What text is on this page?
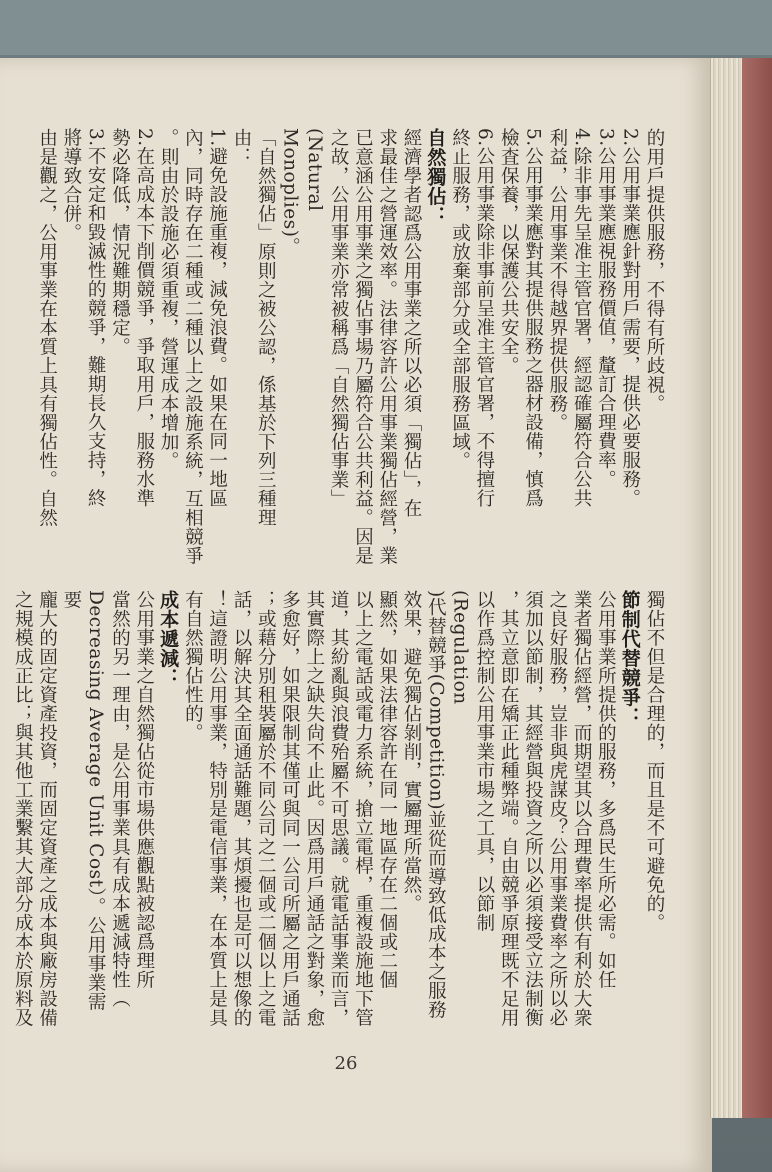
的用戶提供服務，不得有所歧視。

2.公用事業應針對用戶需要，提供必要服務。

3.公用事業應視服務價值，釐訂合理費率。

4.除非事先呈准主管官署，經認確屬符合公共

利益，公用事業不得越界提供服務。

5.公用事業應對其提供服務之器材設備，慎爲

檢査保養，以保護公共安全。

6.公用事業除非事前呈准主管官署，不得擅行

終止服務，或放棄部分或全部服務區域。

自然獨佔：

經濟學者認爲公用事業之所以必須「獨佔」，在

求最佳之營運效率。法律容許公用事業獨佔經營，業

已意涵公用事業之獨佔事場乃屬符合公共利益。因是

之故，公用事業亦常被稱爲「自然獨佔事業」(Natural

Monoplies)。

「自然獨佔」原則之被公認，係基於下列三種理

由：

1.避免設施重複，減免浪費。如果在同一地區

內，同時存在二種或二種以上之設施系統，互相競爭

。則由於設施必須重複，營運成本增加。

2.在高成本下削價競爭，爭取用戶，服務水準

勢必降低，情況難期穩定。

3.不安定和毀滅性的競爭，難期長久支持，終

將導致合併。

由是觀之，公用事業在本質上具有獨佔性。自然

獨佔不但是合理的，而且是不可避免的。

節制代替競爭：

公用事業所提供的服務，多爲民生所必需。如任

業者獨佔經營，而期望其以合理費率提供有利於大衆

之良好服務，豈非與虎謀皮？公用事業費率之所以必

須加以節制，其經營與投資之所以必須接受立法制衡

，其立意即在矯正此種弊端。自由競爭原理既不足用

以作爲控制公用事業市場之工具，以節制(Regulation

)代替競爭(Competition)並從而導致低成本之服務

效果，避免獨佔剝削，實屬理所當然。

顯然，如果法律容許在同一地區存在二個或二個

以上之電話或電力系統，搶立電桿，重複設施地下管

道，其紛亂與浪費殆屬不可思議。就電話事業而言，

其實際上之缺失尙不止此。因爲用戶通話之對象，愈

多愈好，如果限制其僅可與同一公司所屬之用戶通話

；或藉分別租裝屬於不同公司之二個或二個以上之電

話，以解決其全面通話難題，其煩擾也是可以想像的

！這證明公用事業，特別是電信事業，在本質上是具

有自然獨佔性的。

成本遞減：

公用事業之自然獨佔從市場供應觀點被認爲理所

當然的另一理由，是公用事業具有成本遞減特性（

Decreasing Average Unit Cost）。公用事業需要

龐大的固定資產投資，而固定資產之成本與廠房設備

之規模成正比；與其他工業繫其大部分成本於原料及

26
